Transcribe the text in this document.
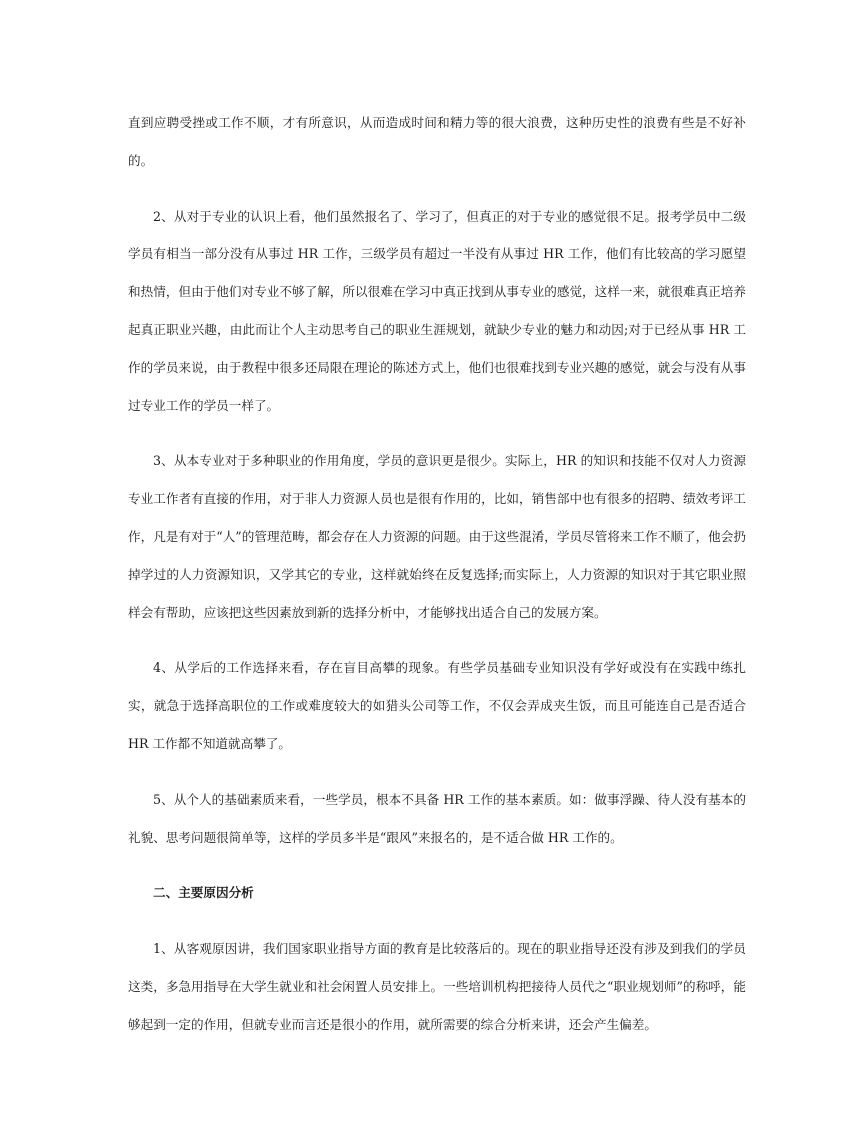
直到应聘受挫或工作不顺，才有所意识，从而造成时间和精力等的很大浪费，这种历史性的浪费有些是不好补的。

2、从对于专业的认识上看，他们虽然报名了、学习了，但真正的对于专业的感觉很不足。报考学员中二级学员有相当一部分没有从事过 HR 工作，三级学员有超过一半没有从事过 HR 工作，他们有比较高的学习愿望和热情，但由于他们对专业不够了解，所以很难在学习中真正找到从事专业的感觉，这样一来，就很难真正培养起真正职业兴趣，由此而让个人主动思考自己的职业生涯规划，就缺少专业的魅力和动因;对于已经从事 HR 工作的学员来说，由于教程中很多还局限在理论的陈述方式上，他们也很难找到专业兴趣的感觉，就会与没有从事过专业工作的学员一样了。

3、从本专业对于多种职业的作用角度，学员的意识更是很少。实际上，HR 的知识和技能不仅对人力资源专业工作者有直接的作用，对于非人力资源人员也是很有作用的，比如，销售部中也有很多的招聘、绩效考评工作，凡是有对于“人”的管理范畴，都会存在人力资源的问题。由于这些混淆，学员尽管将来工作不顺了，他会扔掉学过的人力资源知识，又学其它的专业，这样就始终在反复选择;而实际上，人力资源的知识对于其它职业照样会有帮助，应该把这些因素放到新的选择分析中，才能够找出适合自己的发展方案。

4、从学后的工作选择来看，存在盲目高攀的现象。有些学员基础专业知识没有学好或没有在实践中练扎实，就急于选择高职位的工作或难度较大的如猎头公司等工作，不仅会弄成夹生饭，而且可能连自己是否适合 HR 工作都不知道就高攀了。

5、从个人的基础素质来看，一些学员，根本不具备 HR 工作的基本素质。如：做事浮躁、待人没有基本的礼貌、思考问题很简单等，这样的学员多半是“跟风”来报名的，是不适合做 HR 工作的。

二、主要原因分析

1、从客观原因讲，我们国家职业指导方面的教育是比较落后的。现在的职业指导还没有涉及到我们的学员这类，多急用指导在大学生就业和社会闲置人员安排上。一些培训机构把接待人员代之“职业规划师”的称呼，能够起到一定的作用，但就专业而言还是很小的作用，就所需要的综合分析来讲，还会产生偏差。
